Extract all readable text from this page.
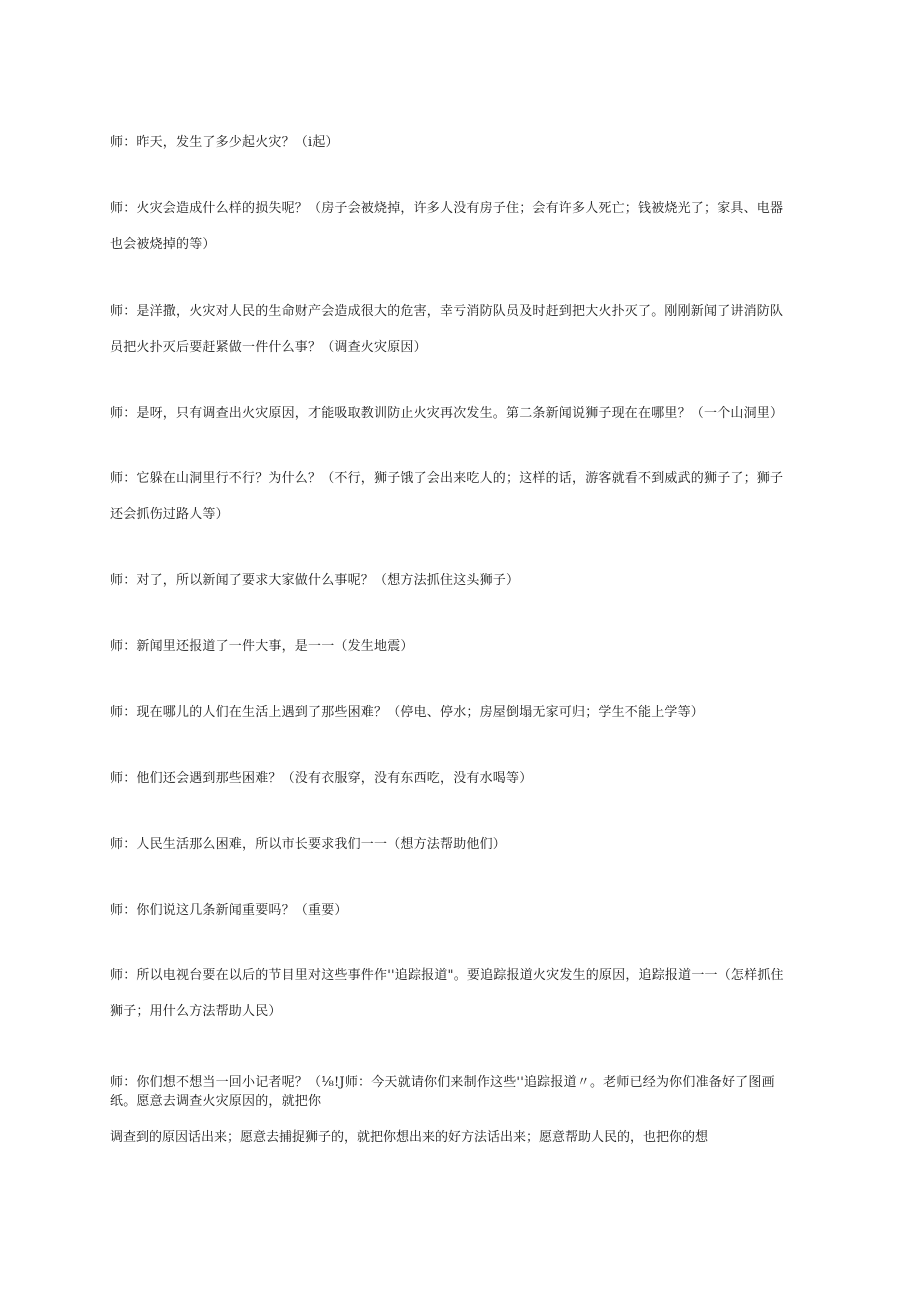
师：昨天，发生了多少起火灾？（i起）

师：火灾会造成什么样的损失呢？（房子会被烧掉，许多人没有房子住；会有许多人死亡；钱被烧光了；家具、电器也会被烧掉的等）

师：是洋撒，火灾对人民的生命财产会造成很大的危害，幸亏消防队员及时赶到把大火扑灭了。刚刚新闻了讲消防队员把火扑灭后要赶紧做一件什么事？（调查火灾原因）

师：是呀，只有调查出火灾原因，才能吸取教训防止火灾再次发生。第二条新闻说狮子现在在哪里？（一个山洞里）

师：它躲在山洞里行不行？为什么？（不行，狮子饿了会出来吃人的；这样的话，游客就看不到威武的狮子了；狮子还会抓伤过路人等）

师：对了，所以新闻了要求大家做什么事呢？（想方法抓住这头狮子）

师：新闻里还报道了一件大事，是一一（发生地震）

师：现在哪儿的人们在生活上遇到了那些困难？（停电、停水；房屋倒塌无家可归；学生不能上学等）

师：他们还会遇到那些困难？（没有衣服穿，没有东西吃，没有水喝等）

师：人民生活那么困难，所以市长要求我们一一（想方法帮助他们）

师：你们说这几条新闻重要吗？（重要）

师：所以电视台要在以后的节目里对这些事件作''追踪报道"。要追踪报道火灾发生的原因，追踪报道一一（怎样抓住狮子；用什么方法帮助人民）

师：你们想不想当一回小记者呢？（⅛!J师：今天就请你们来制作这些''追踪报道〃。老师已经为你们准备好了图画纸。愿意去调查火灾原因的，就把你

调查到的原因话出来；愿意去捕捉狮子的，就把你想出来的好方法话出来；愿意帮助人民的，也把你的想
